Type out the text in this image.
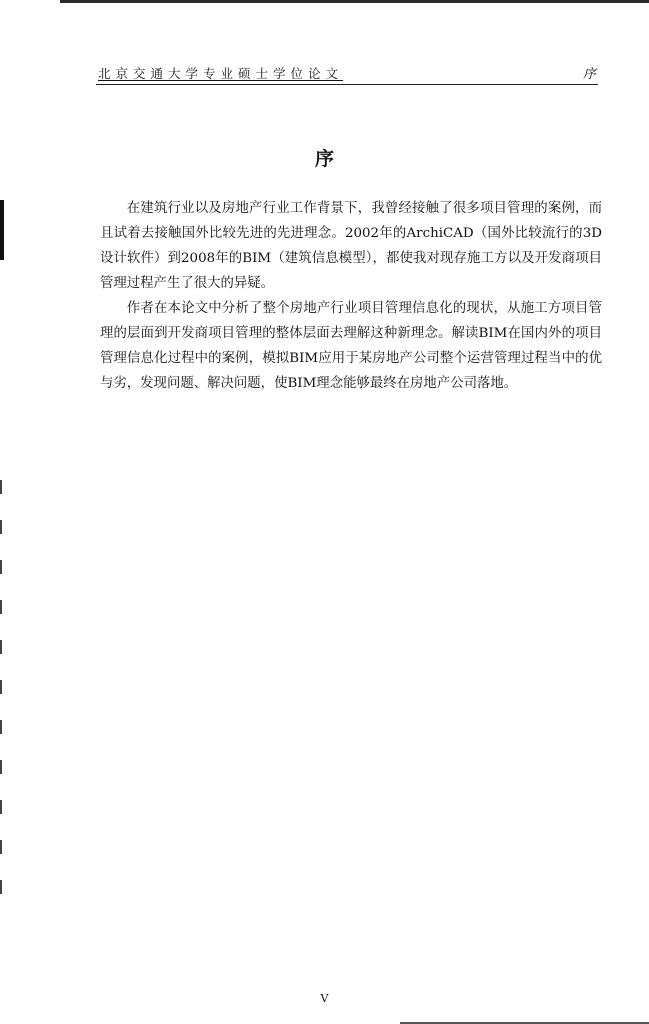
北京交通大学专业硕士学位论文	序
序

在建筑行业以及房地产行业工作背景下，我曾经接触了很多项目管理的案例，而且试着去接触国外比较先进的先进理念。2002年的ArchiCAD（国外比较流行的3D设计软件）到2008年的BIM（建筑信息模型），都使我对现存施工方以及开发商项目管理过程产生了很大的异疑。

作者在本论文中分析了整个房地产行业项目管理信息化的现状，从施工方项目管理的层面到开发商项目管理的整体层面去理解这种新理念。解读BIM在国内外的项目管理信息化过程中的案例，模拟BIM应用于某房地产公司整个运营管理过程当中的优与劣，发现问题、解决问题，使BIM理念能够最终在房地产公司落地。

V
